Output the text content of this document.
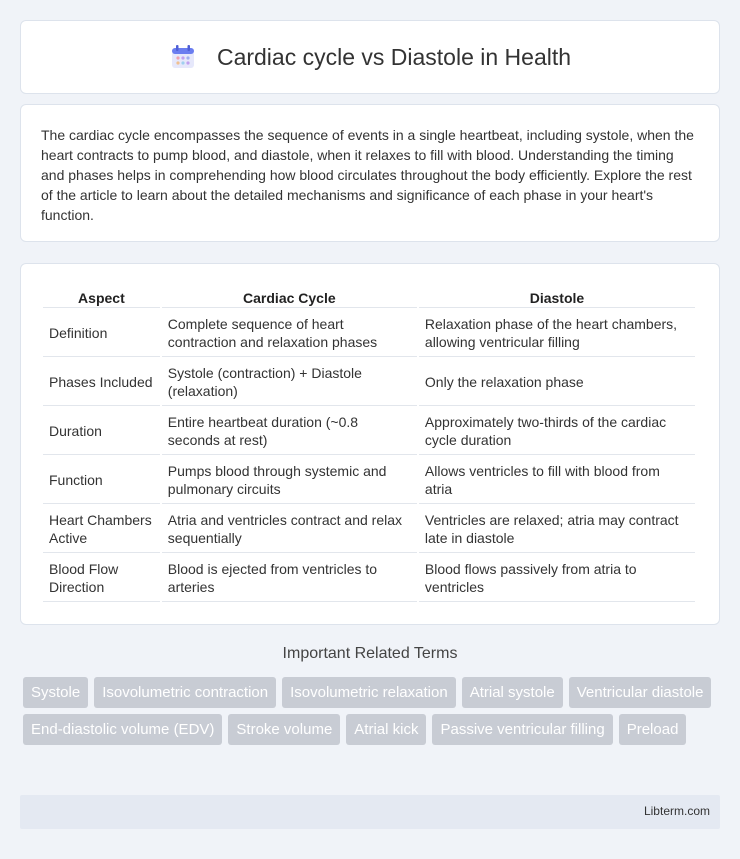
Cardiac cycle vs Diastole in Health

The cardiac cycle encompasses the sequence of events in a single heartbeat, including systole, when the heart contracts to pump blood, and diastole, when it relaxes to fill with blood. Understanding the timing and phases helps in comprehending how blood circulates throughout the body efficiently. Explore the rest of the article to learn about the detailed mechanisms and significance of each phase in your heart's function.

Aspect	Cardiac Cycle	Diastole
Definition	Complete sequence of heart contraction and relaxation phases	Relaxation phase of the heart chambers, allowing ventricular filling
Phases Included	Systole (contraction) + Diastole (relaxation)	Only the relaxation phase
Duration	Entire heartbeat duration (~0.8 seconds at rest)	Approximately two-thirds of the cardiac cycle duration
Function	Pumps blood through systemic and pulmonary circuits	Allows ventricles to fill with blood from atria
Heart Chambers Active	Atria and ventricles contract and relax sequentially	Ventricles are relaxed; atria may contract late in diastole
Blood Flow Direction	Blood is ejected from ventricles to arteries	Blood flows passively from atria to ventricles
Important Related Terms
Systole	Isovolumetric contraction	Isovolumetric relaxation	Atrial systole	Ventricular diastole
End-diastolic volume (EDV)	Stroke volume	Atrial kick	Passive ventricular filling	Preload
Libterm.com
